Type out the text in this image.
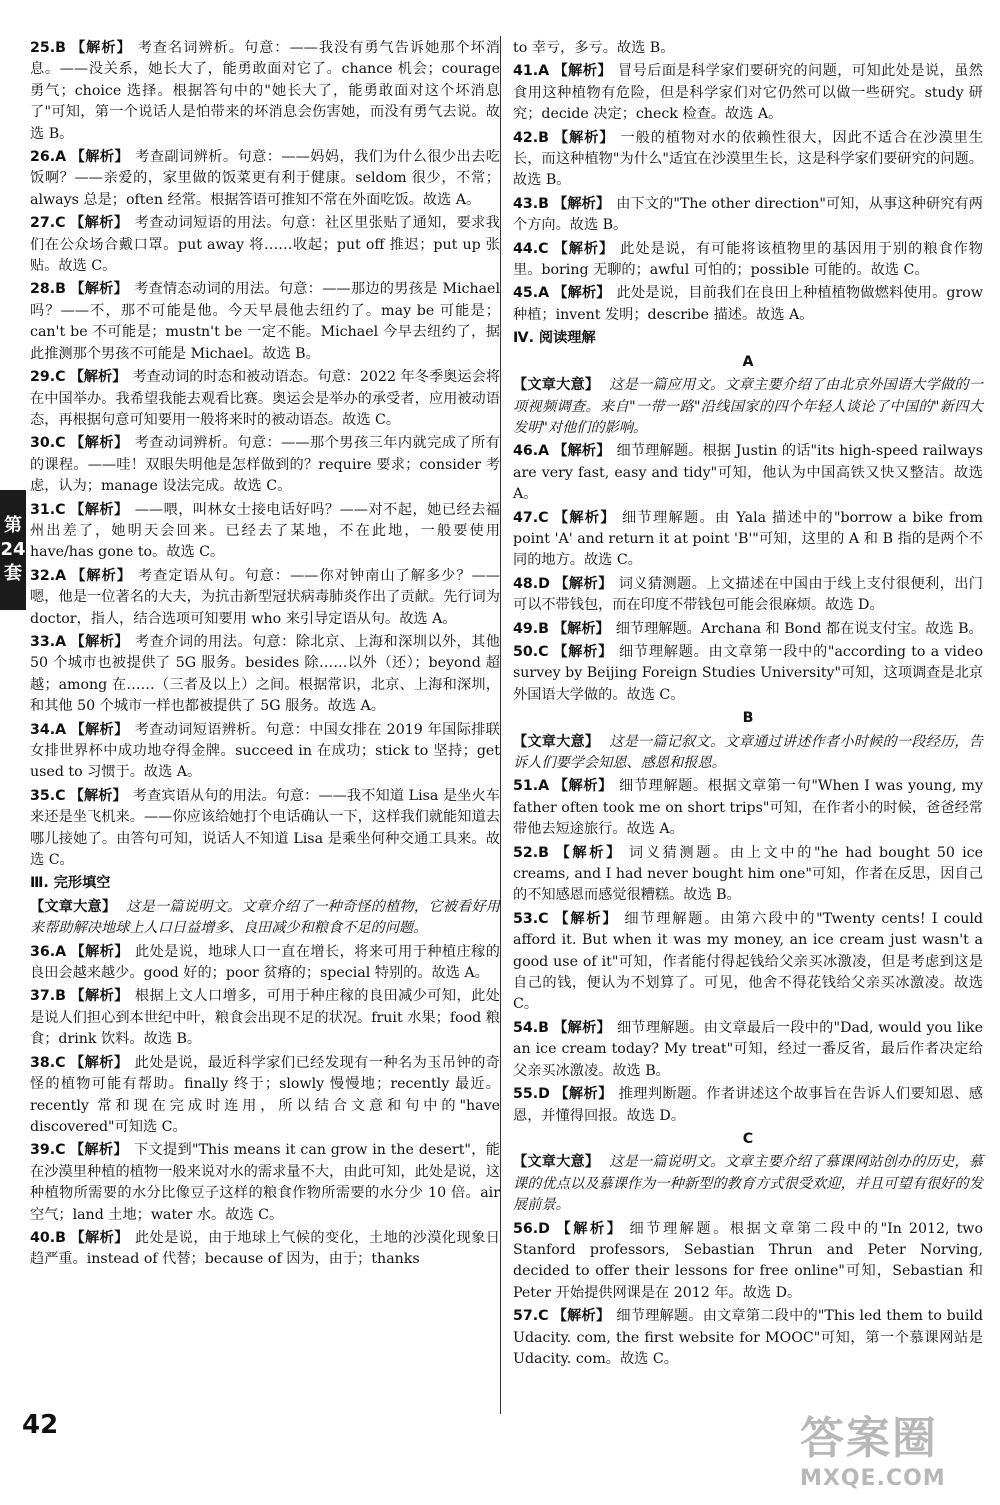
第
24
套
25.B 【解析】 考查名词辨析。句意：——我没有勇气告诉她那个坏消息。——没关系，她长大了，能勇敢面对它了。chance 机会；courage 勇气；choice 选择。根据答句中的"她长大了，能勇敢面对这个坏消息了"可知，第一个说话人是怕带来的坏消息会伤害她，而没有勇气去说。故选 B。
26.A 【解析】 考查副词辨析。句意：——妈妈，我们为什么很少出去吃饭啊？——亲爱的，家里做的饭菜更有利于健康。seldom 很少，不常；always 总是；often 经常。根据答语可推知不常在外面吃饭。故选 A。
27.C 【解析】 考查动词短语的用法。句意：社区里张贴了通知，要求我们在公众场合戴口罩。put away 将……收起；put off 推迟；put up 张贴。故选 C。
28.B 【解析】 考查情态动词的用法。句意：——那边的男孩是 Michael 吗？——不，那不可能是他。今天早晨他去纽约了。may be 可能是；can't be 不可能是；mustn't be 一定不能。Michael 今早去纽约了，据此推测那个男孩不可能是 Michael。故选 B。
29.C 【解析】 考查动词的时态和被动语态。句意：2022 年冬季奥运会将在中国举办。我希望我能去观看比赛。奥运会是举办的承受者，应用被动语态，再根据句意可知要用一般将来时的被动语态。故选 C。
30.C 【解析】 考查动词辨析。句意：——那个男孩三年内就完成了所有的课程。——哇！双眼失明他是怎样做到的？require 要求；consider 考虑，认为；manage 设法完成。故选 C。
31.C 【解析】 ——喂，叫林女士接电话好吗？——对不起，她已经去福州出差了，她明天会回来。已经去了某地，不在此地，一般要使用 have/has gone to。故选 C。
32.A 【解析】 考查定语从句。句意：——你对钟南山了解多少？——嗯，他是一位著名的大夫，为抗击新型冠状病毒肺炎作出了贡献。先行词为 doctor，指人，结合选项可知要用 who 来引导定语从句。故选 A。
33.A 【解析】 考查介词的用法。句意：除北京、上海和深圳以外，其他 50 个城市也被提供了 5G 服务。besides 除……以外（还）；beyond 超越；among 在……（三者及以上）之间。根据常识，北京、上海和深圳，和其他 50 个城市一样也都被提供了 5G 服务。故选 A。
34.A 【解析】 考查动词短语辨析。句意：中国女排在 2019 年国际排联女排世界杯中成功地夺得金牌。succeed in 在成功；stick to 坚持；get used to 习惯于。故选 A。
35.C 【解析】 考查宾语从句的用法。句意：——我不知道 Lisa 是坐火车来还是坐飞机来。——你应该给她打个电话确认一下，这样我们就能知道去哪儿接她了。由答句可知，说话人不知道 Lisa 是乘坐何种交通工具来。故选 C。
Ⅲ. 完形填空
【文章大意】 这是一篇说明文。文章介绍了一种奇怪的植物，它被看好用来帮助解决地球上人口日益增多、良田减少和粮食不足的问题。
36.A 【解析】 此处是说，地球人口一直在增长，将来可用于种植庄稼的良田会越来越少。good 好的；poor 贫瘠的；special 特别的。故选 A。
37.B 【解析】 根据上文人口增多，可用于种庄稼的良田减少可知，此处是说人们担心到本世纪中叶，粮食会出现不足的状况。fruit 水果；food 粮食；drink 饮料。故选 B。
38.C 【解析】 此处是说，最近科学家们已经发现有一种名为玉吊钟的奇怪的植物可能有帮助。finally 终于；slowly 慢慢地；recently 最近。recently 常和现在完成时连用，所以结合文意和句中的"have discovered"可知选 C。
39.C 【解析】 下文提到"This means it can grow in the desert"，能在沙漠里种植的植物一般来说对水的需求量不大，由此可知，此处是说，这种植物所需要的水分比像豆子这样的粮食作物所需要的水分少 10 倍。air 空气；land 土地；water 水。故选 C。
40.B 【解析】 此处是说，由于地球上气候的变化，土地的沙漠化现象日趋严重。instead of 代替；because of 因为，由于；thanks
to 幸亏，多亏。故选 B。
41.A 【解析】 冒号后面是科学家们要研究的问题，可知此处是说，虽然食用这种植物有危险，但是科学家们对它仍然可以做一些研究。study 研究；decide 决定；check 检查。故选 A。
42.B 【解析】 一般的植物对水的依赖性很大，因此不适合在沙漠里生长，而这种植物"为什么"适宜在沙漠里生长，这是科学家们要研究的问题。故选 B。
43.B 【解析】 由下文的"The other direction"可知，从事这种研究有两个方向。故选 B。
44.C 【解析】 此处是说，有可能将该植物里的基因用于别的粮食作物里。boring 无聊的；awful 可怕的；possible 可能的。故选 C。
45.A 【解析】 此处是说，目前我们在良田上种植植物做燃料使用。grow 种植；invent 发明；describe 描述。故选 A。
Ⅳ. 阅读理解
A
【文章大意】 这是一篇应用文。文章主要介绍了由北京外国语大学做的一项视频调查。来自"一带一路"沿线国家的四个年轻人谈论了中国的"新四大发明"对他们的影响。
46.A 【解析】 细节理解题。根据 Justin 的话"its high-speed railways are very fast, easy and tidy"可知，他认为中国高铁又快又整洁。故选 A。
47.C 【解析】 细节理解题。由 Yala 描述中的"borrow a bike from point 'A' and return it at point 'B'"可知，这里的 A 和 B 指的是两个不同的地方。故选 C。
48.D 【解析】 词义猜测题。上文描述在中国由于线上支付很便利，出门可以不带钱包，而在印度不带钱包可能会很麻烦。故选 D。
49.B 【解析】 细节理解题。Archana 和 Bond 都在说支付宝。故选 B。
50.C 【解析】 细节理解题。由文章第一段中的"according to a video survey by Beijing Foreign Studies University"可知，这项调查是北京外国语大学做的。故选 C。
B
【文章大意】 这是一篇记叙文。文章通过讲述作者小时候的一段经历，告诉人们要学会知恩、感恩和报恩。
51.A 【解析】 细节理解题。根据文章第一句"When I was young, my father often took me on short trips"可知，在作者小的时候，爸爸经常带他去短途旅行。故选 A。
52.B 【解析】 词义猜测题。由上文中的"he had bought 50 ice creams, and I had never bought him one"可知，作者在反思，因自己的不知感恩而感觉很糟糕。故选 B。
53.C 【解析】 细节理解题。由第六段中的"Twenty cents! I could afford it. But when it was my money, an ice cream just wasn't a good use of it"可知，作者能付得起钱给父亲买冰激凌，但是考虑到这是自己的钱，便认为不划算了。可见，他舍不得花钱给父亲买冰激凌。故选 C。
54.B 【解析】 细节理解题。由文章最后一段中的"Dad, would you like an ice cream today? My treat"可知，经过一番反省，最后作者决定给父亲买冰激凌。故选 B。
55.D 【解析】 推理判断题。作者讲述这个故事旨在告诉人们要知恩、感恩，并懂得回报。故选 D。
C
【文章大意】 这是一篇说明文。文章主要介绍了慕课网站创办的历史，慕课的优点以及慕课作为一种新型的教育方式很受欢迎，并且可望有很好的发展前景。
56.D 【解析】 细节理解题。根据文章第二段中的"In 2012, two Stanford professors, Sebastian Thrun and Peter Norving, decided to offer their lessons for free online"可知，Sebastian 和 Peter 开始提供网课是在 2012 年。故选 D。
57.C 【解析】 细节理解题。由文章第二段中的"This led them to build Udacity. com, the first website for MOOC"可知，第一个慕课网站是 Udacity. com。故选 C。
42	答案圈
MXQE.COM
